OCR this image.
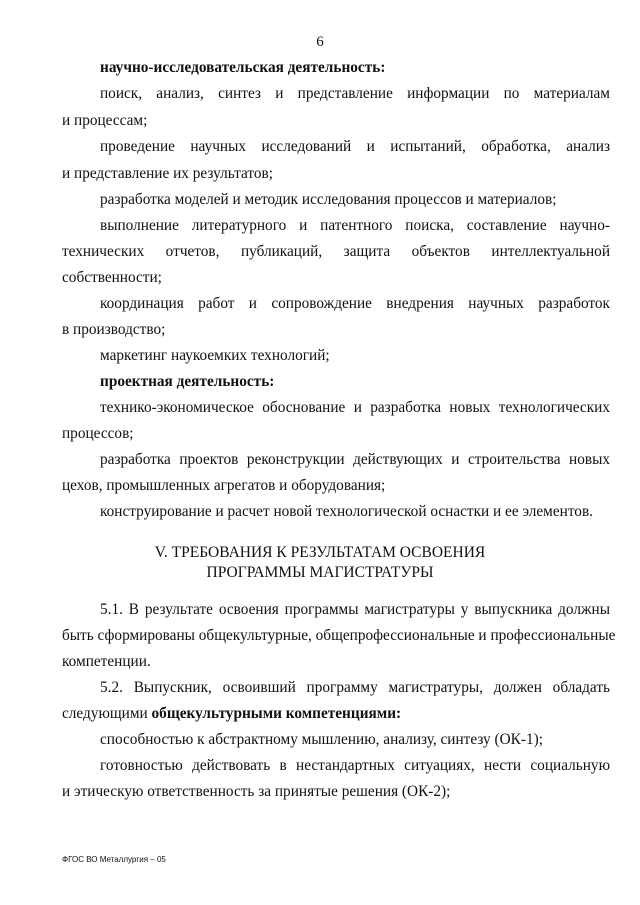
6
научно-исследовательская деятельность:
поиск, анализ, синтез и представление информации по материалам
и процессам;
проведение научных исследований и испытаний, обработка, анализ
и представление их результатов;
разработка моделей и методик исследования процессов и материалов;
выполнение литературного и патентного поиска, составление научно-
технических отчетов, публикаций, защита объектов интеллектуальной
собственности;
координация работ и сопровождение внедрения научных разработок
в производство;
маркетинг наукоемких технологий;
проектная деятельность:
технико-экономическое обоснование и разработка новых технологических
процессов;
разработка проектов реконструкции действующих и строительства новых
цехов, промышленных агрегатов и оборудования;
конструирование и расчет новой технологической оснастки и ее элементов.
V. ТРЕБОВАНИЯ К РЕЗУЛЬТАТАМ ОСВОЕНИЯ
ПРОГРАММЫ МАГИСТРАТУРЫ
5.1. В результате освоения программы магистратуры у выпускника должны
быть сформированы общекультурные, общепрофессиональные и профессиональные
компетенции.
5.2. Выпускник, освоивший программу магистратуры, должен обладать
следующими общекультурными компетенциями:
способностью к абстрактному мышлению, анализу, синтезу (ОК-1);
готовностью действовать в нестандартных ситуациях, нести социальную
и этическую ответственность за принятые решения (ОК-2);
ФГОС ВО Металлургия – 05
